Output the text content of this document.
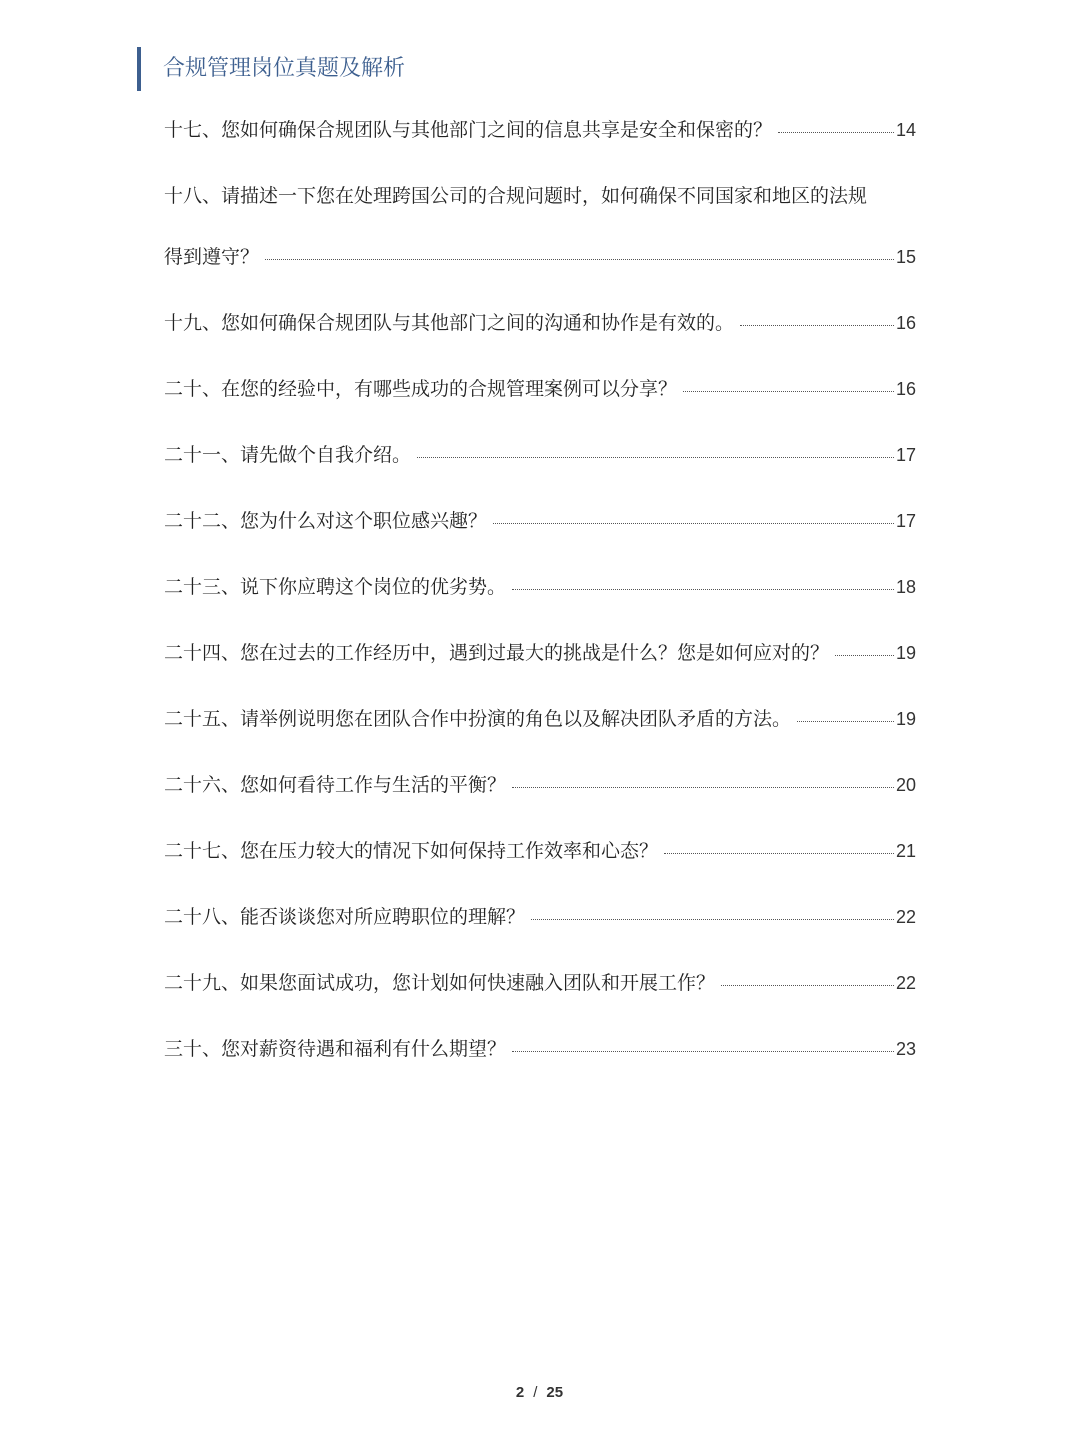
合规管理岗位真题及解析
十七、您如何确保合规团队与其他部门之间的信息共享是安全和保密的？	14
十八、请描述一下您在处理跨国公司的合规问题时，如何确保不同国家和地区的法规
得到遵守？	15
十九、您如何确保合规团队与其他部门之间的沟通和协作是有效的。	16
二十、在您的经验中，有哪些成功的合规管理案例可以分享？	16
二十一、请先做个自我介绍。	17
二十二、您为什么对这个职位感兴趣？	17
二十三、说下你应聘这个岗位的优劣势。	18
二十四、您在过去的工作经历中，遇到过最大的挑战是什么？您是如何应对的？	19
二十五、请举例说明您在团队合作中扮演的角色以及解决团队矛盾的方法。	19
二十六、您如何看待工作与生活的平衡？	20
二十七、您在压力较大的情况下如何保持工作效率和心态？	21
二十八、能否谈谈您对所应聘职位的理解？	22
二十九、如果您面试成功，您计划如何快速融入团队和开展工作？	22
三十、您对薪资待遇和福利有什么期望？	23
2 / 25
